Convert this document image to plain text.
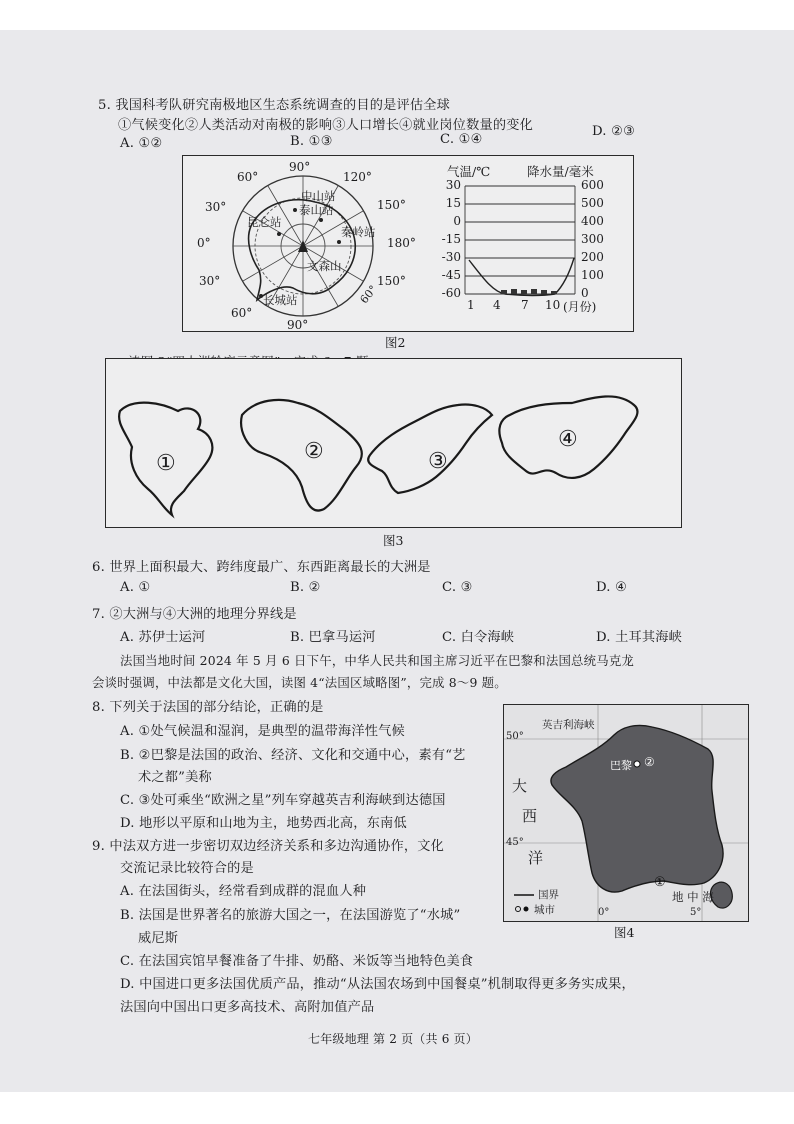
5. 我国科考队研究南极地区生态系统调查的目的是评估全球
①气候变化②人类活动对南极的影响③人口增长④就业岗位数量的变化
A. ①②	B. ①③	C. ①④
D. ②③
90°
120°
150°
180°
150°
90°
60°
30°
0°
30°
60°
60°
中山站
泰山站
昆仑站
秦岭站
文森山
长城站
气温/℃	降水量/毫米
30
15
0
-15
-30
-45
-60
600
500
400
300
200
100
0
1 4 7 10 (月份)
图2
①	②	③
④
图3
6. 世界上面积最大、跨纬度最广、东西距离最长的大洲是
A. ①	B. ②	C. ③	D. ④
7. ②大洲与④大洲的地理分界线是
A. 苏伊士运河	B. 巴拿马运河	C. 白令海峡	D. 土耳其海峡
法国当地时间 2024 年 5 月 6 日下午，中华人民共和国主席习近平在巴黎和法国总统马克龙
会谈时强调，中法都是文化大国，读图 4“法国区域略图”，完成 8～9 题。
8. 下列关于法国的部分结论，正确的是
A. ①处气候温和湿润，是典型的温带海洋性气候
B. ②巴黎是法国的政治、经济、文化和交通中心，素有“艺
术之都”美称
C. ③处可乘坐“欧洲之星”列车穿越英吉利海峡到达德国
D. 地形以平原和山地为主，地势西北高，东南低
9. 中法双方进一步密切双边经济关系和多边沟通协作，文化
交流记录比较符合的是
A. 在法国街头，经常看到成群的混血人种
B. 法国是世界著名的旅游大国之一，在法国游览了“水城”
威尼斯
C. 在法国宾馆早餐准备了牛排、奶酪、米饭等当地特色美食
D. 中国进口更多法国优质产品，推动“从法国农场到中国餐桌”机制取得更多务实成果，
法国向中国出口更多高技术、高附加值产品
英吉利海峡
巴黎 ②
①
大
西
洋
地 中 海
国界
城市
50°
45°
0°	5°
图4
七年级地理 第 2 页（共 6 页）
